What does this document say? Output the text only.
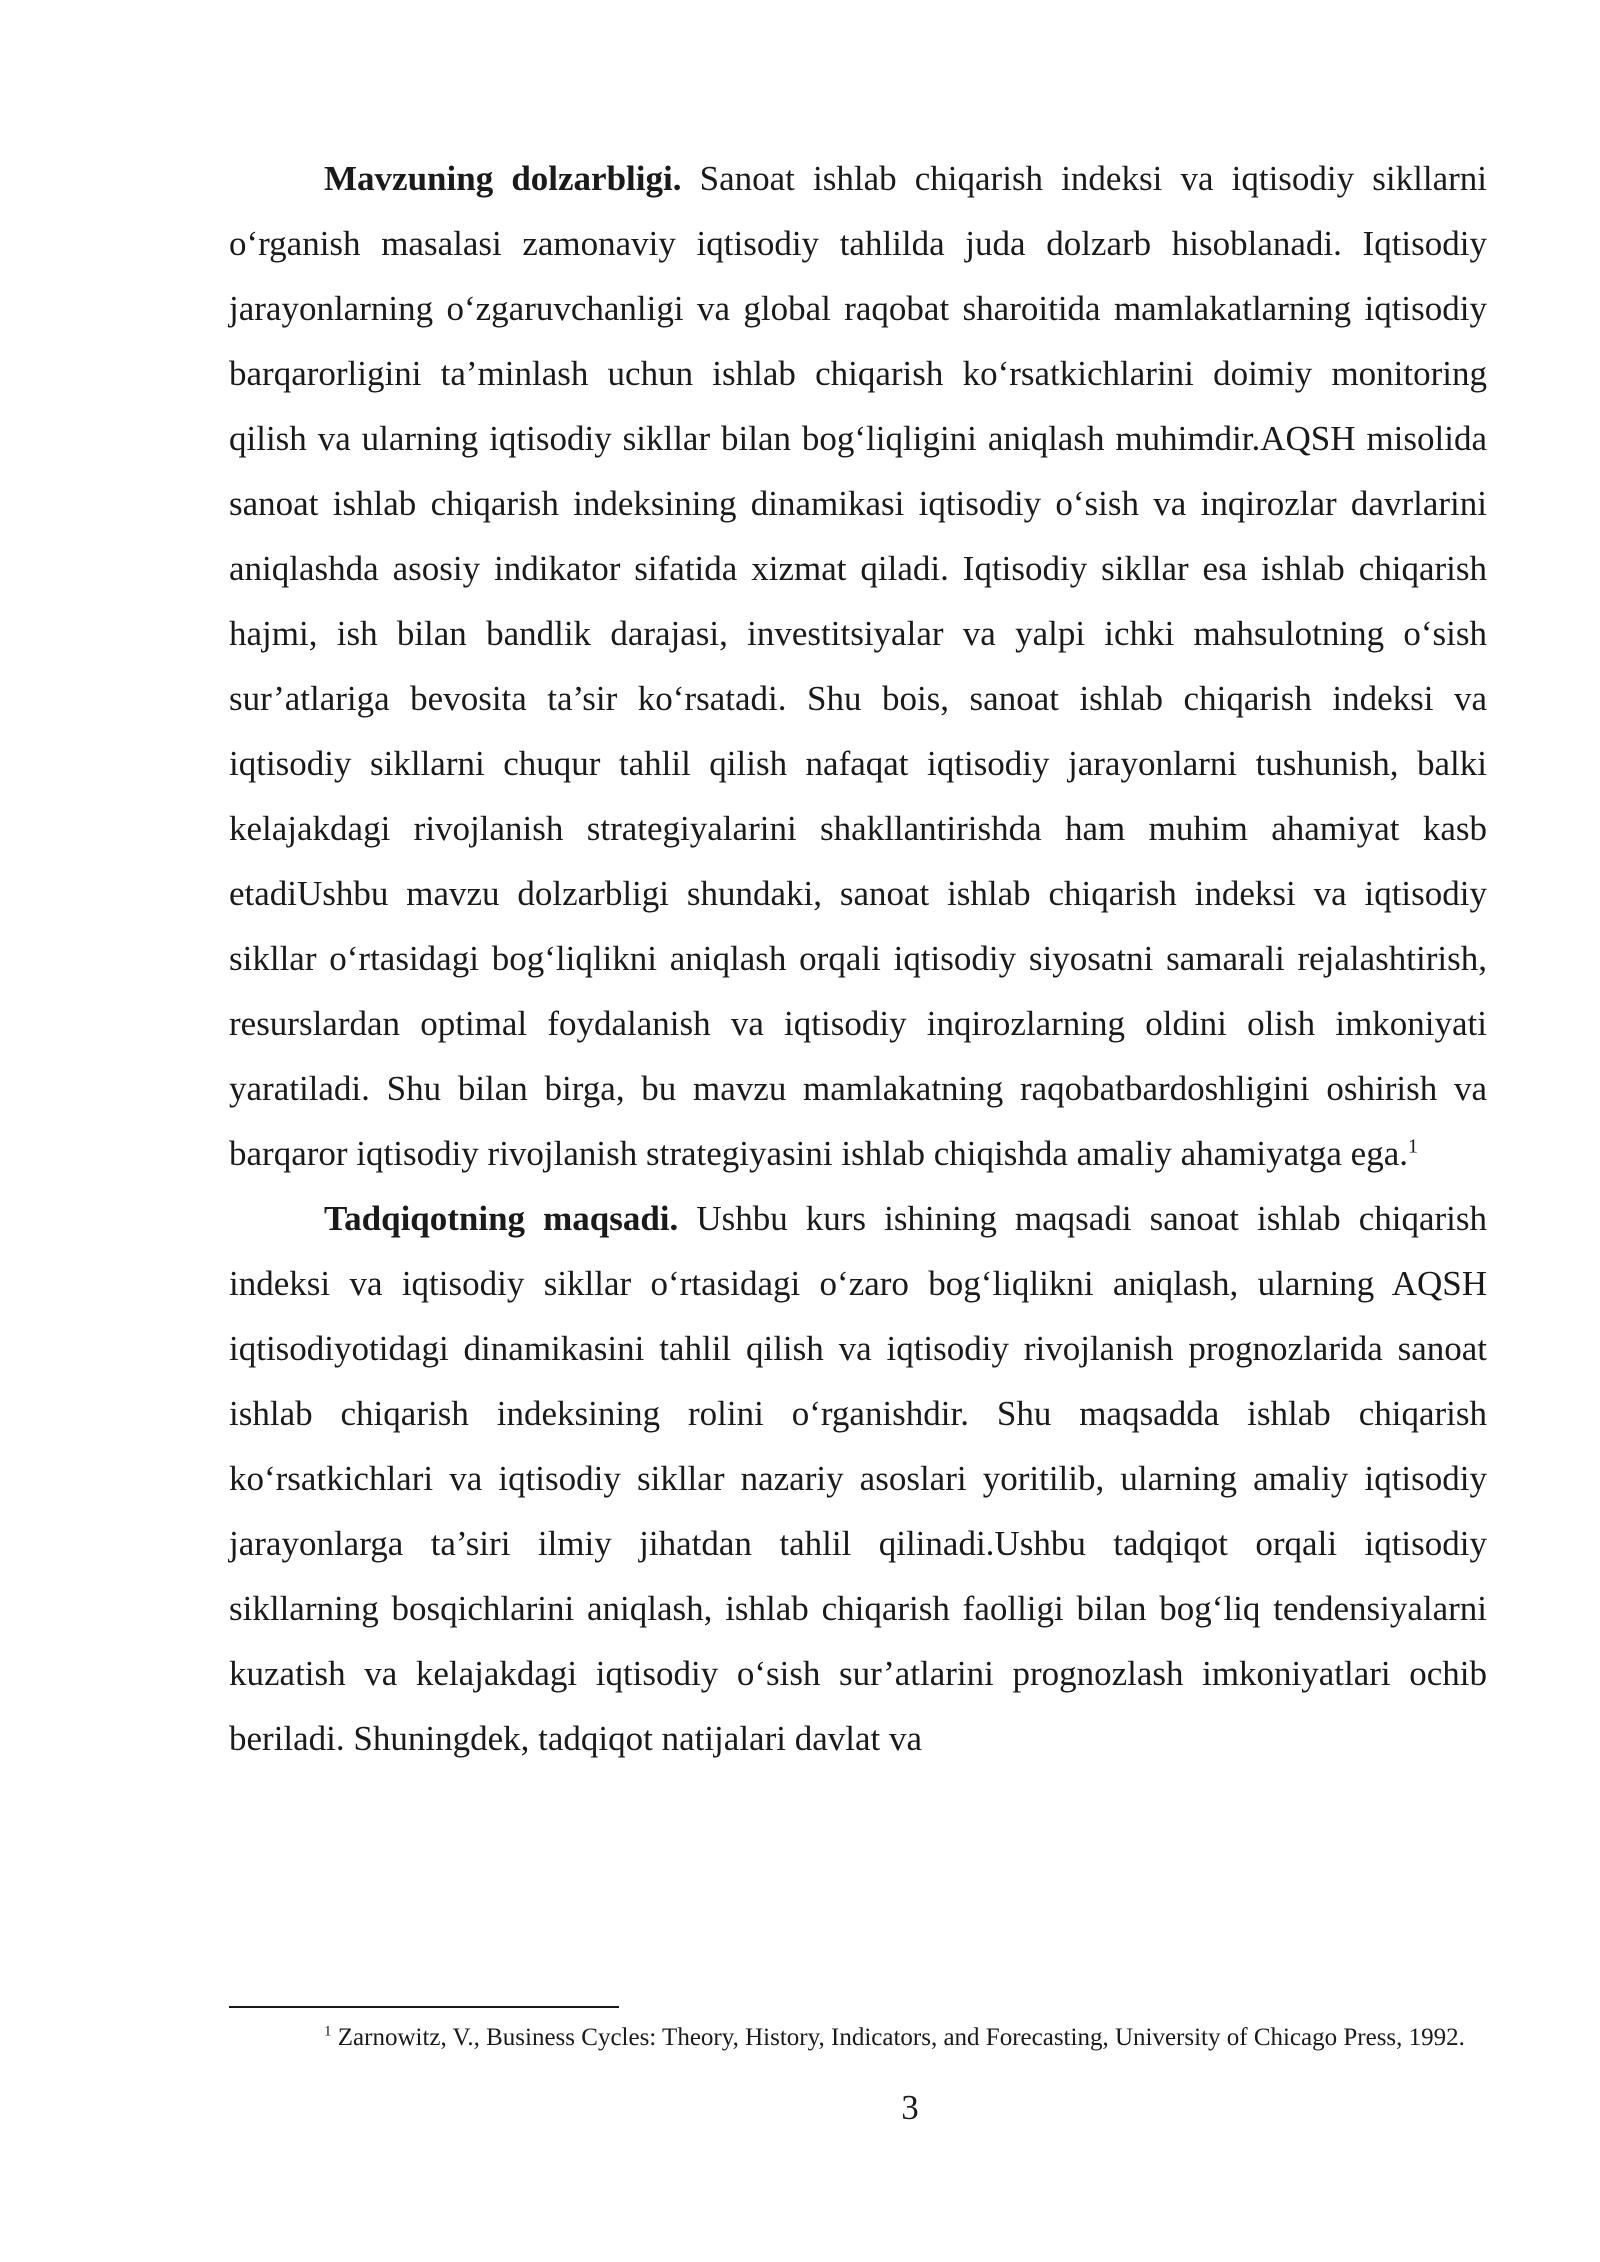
Mavzuning dolzarbligi. Sanoat ishlab chiqarish indeksi va iqtisodiy sikllarni o‘rganish masalasi zamonaviy iqtisodiy tahlilda juda dolzarb hisoblanadi. Iqtisodiy jarayonlarning o‘zgaruvchanligi va global raqobat sharoitida mamlakatlarning iqtisodiy barqarorligini ta’minlash uchun ishlab chiqarish ko‘rsatkichlarini doimiy monitoring qilish va ularning iqtisodiy sikllar bilan bog‘liqligini aniqlash muhimdir.AQSH misolida sanoat ishlab chiqarish indeksining dinamikasi iqtisodiy o‘sish va inqirozlar davrlarini aniqlashda asosiy indikator sifatida xizmat qiladi. Iqtisodiy sikllar esa ishlab chiqarish hajmi, ish bilan bandlik darajasi, investitsiyalar va yalpi ichki mahsulotning o‘sish sur’atlariga bevosita ta’sir ko‘rsatadi. Shu bois, sanoat ishlab chiqarish indeksi va iqtisodiy sikllarni chuqur tahlil qilish nafaqat iqtisodiy jarayonlarni tushunish, balki kelajakdagi rivojlanish strategiyalarini shakllantirishda ham muhim ahamiyat kasb etadiUshbu mavzu dolzarbligi shundaki, sanoat ishlab chiqarish indeksi va iqtisodiy sikllar o‘rtasidagi bog‘liqlikni aniqlash orqali iqtisodiy siyosatni samarali rejalashtirish, resurslardan optimal foydalanish va iqtisodiy inqirozlarning oldini olish imkoniyati yaratiladi. Shu bilan birga, bu mavzu mamlakatning raqobatbardoshligini oshirish va barqaror iqtisodiy rivojlanish strategiyasini ishlab chiqishda amaliy ahamiyatga ega.$^1$

Tadqiqotning maqsadi. Ushbu kurs ishining maqsadi sanoat ishlab chiqarish indeksi va iqtisodiy sikllar o‘rtasidagi o‘zaro bog‘liqlikni aniqlash, ularning AQSH iqtisodiyotidagi dinamikasini tahlil qilish va iqtisodiy rivojlanish prognozlarida sanoat ishlab chiqarish indeksining rolini o‘rganishdir. Shu maqsadda ishlab chiqarish ko‘rsatkichlari va iqtisodiy sikllar nazariy asoslari yoritilib, ularning amaliy iqtisodiy jarayonlarga ta’siri ilmiy jihatdan tahlil qilinadi.Ushbu tadqiqot orqali iqtisodiy sikllarning bosqichlarini aniqlash, ishlab chiqarish faolligi bilan bog‘liq tendensiyalarni kuzatish va kelajakdagi iqtisodiy o‘sish sur’atlarini prognozlash imkoniyatlari ochib beriladi. Shuningdek, tadqiqot natijalari davlat va

$^1$ Zarnowitz, V., Business Cycles: Theory, History, Indicators, and Forecasting, University of Chicago Press, 1992.

3
